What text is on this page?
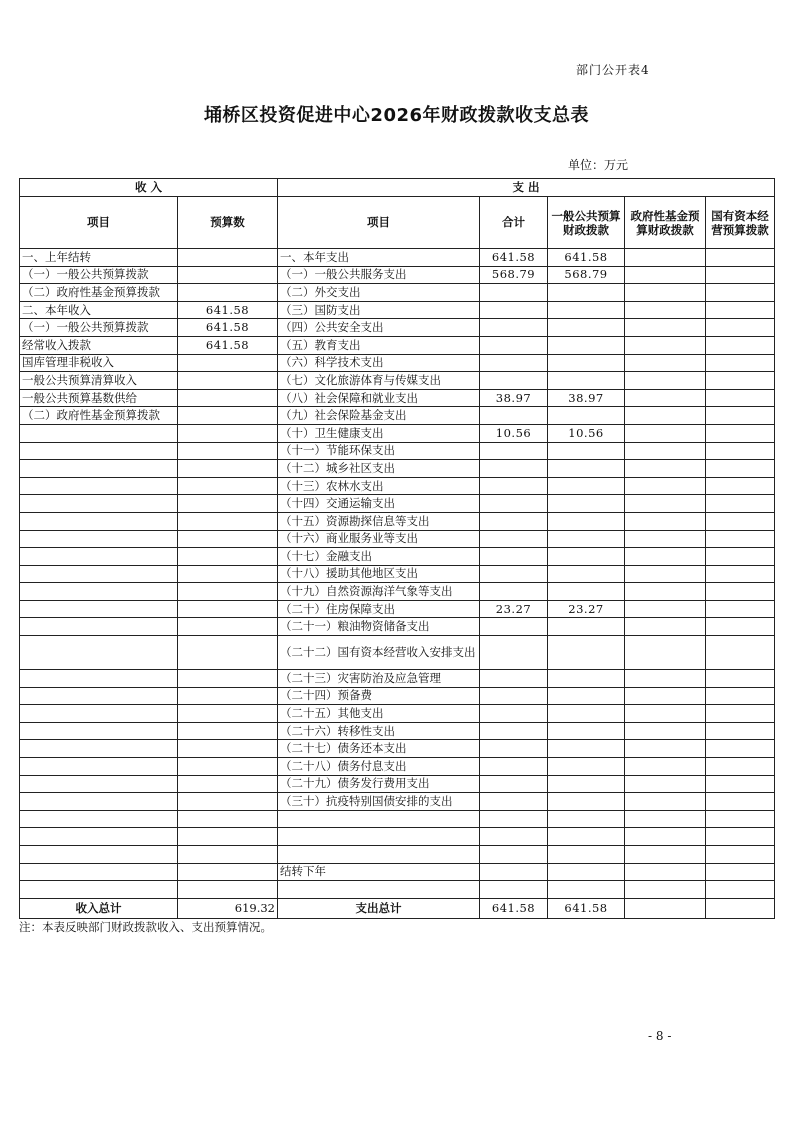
部门公开表4
埇桥区投资促进中心2026年财政拨款收支总表
单位：万元
收 入		支 出				
项目	预算数	项目	合计	一般公共预算财政拨款	政府性基金预算财政拨款	国有资本经营预算拨款
一、上年结转		一、本年支出	641.58	641.58		
（一）一般公共预算拨款		（一）一般公共服务支出	568.79	568.79		
（二）政府性基金预算拨款		（二）外交支出				
二、本年收入	641.58	（三）国防支出				
（一）一般公共预算拨款	641.58	（四）公共安全支出				
经常收入拨款	641.58	（五）教育支出				
国库管理非税收入		（六）科学技术支出				
一般公共预算清算收入		（七）文化旅游体育与传媒支出				
一般公共预算基数供给		（八）社会保障和就业支出	38.97	38.97		
（二）政府性基金预算拨款		（九）社会保险基金支出				
		（十）卫生健康支出	10.56	10.56		
		（十一）节能环保支出				
		（十二）城乡社区支出				
		（十三）农林水支出				
		（十四）交通运输支出				
		（十五）资源勘探信息等支出				
		（十六）商业服务业等支出				
		（十七）金融支出				
		（十八）援助其他地区支出				
		（十九）自然资源海洋气象等支出				
		（二十）住房保障支出	23.27	23.27		
		（二十一）粮油物资储备支出				
		（二十二）国有资本经营收入安排支出				
		（二十三）灾害防治及应急管理				
		（二十四）预备费				
		（二十五）其他支出				
		（二十六）转移性支出				
		（二十七）债务还本支出				
		（二十八）债务付息支出				
		（二十九）债务发行费用支出				
		（三十）抗疫特别国债安排的支出				

		结转下年				

收入总计	619.32	支出总计	641.58	641.58		
注：本表反映部门财政拨款收入、支出预算情况。
- 8 -
